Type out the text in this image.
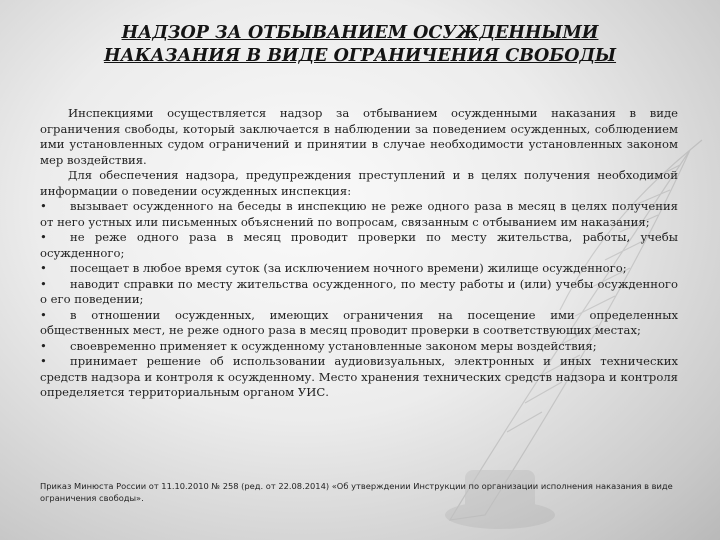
НАДЗОР ЗА ОТБЫВАНИЕМ ОСУЖДЕННЫМИ
НАКАЗАНИЯ В ВИДЕ ОГРАНИЧЕНИЯ СВОБОДЫ

Инспекциями осуществляется надзор за отбыванием осужденными наказания в виде ограничения свободы, который заключается в наблюдении за поведением осужденных, соблюдением ими установленных судом ограничений и принятии в случае необходимости установленных законом мер воздействия.

Для обеспечения надзора, предупреждения преступлений и в целях получения необходимой информации о поведении осужденных инспекция:

• вызывает осужденного на беседы в инспекцию не реже одного раза в месяц в целях получения от него устных или письменных объяснений по вопросам, связанным с отбыванием им наказания;

• не реже одного раза в месяц проводит проверки по месту жительства, работы, учебы осужденного;

• посещает в любое время суток (за исключением ночного времени) жилище осужденного;

• наводит справки по месту жительства осужденного, по месту работы и (или) учебы осужденного о его поведении;

• в отношении осужденных, имеющих ограничения на посещение ими определенных общественных мест, не реже одного раза в месяц проводит проверки в соответствующих местах;

• своевременно применяет к осужденному установленные законом меры воздействия;

• принимает решение об использовании аудиовизуальных, электронных и иных технических средств надзора и контроля к осужденному. Место хранения технических средств надзора и контроля определяется территориальным органом УИС.

Приказ Минюста России от 11.10.2010 № 258 (ред. от 22.08.2014) «Об утверждении Инструкции по организации исполнения наказания в виде ограничения свободы».
